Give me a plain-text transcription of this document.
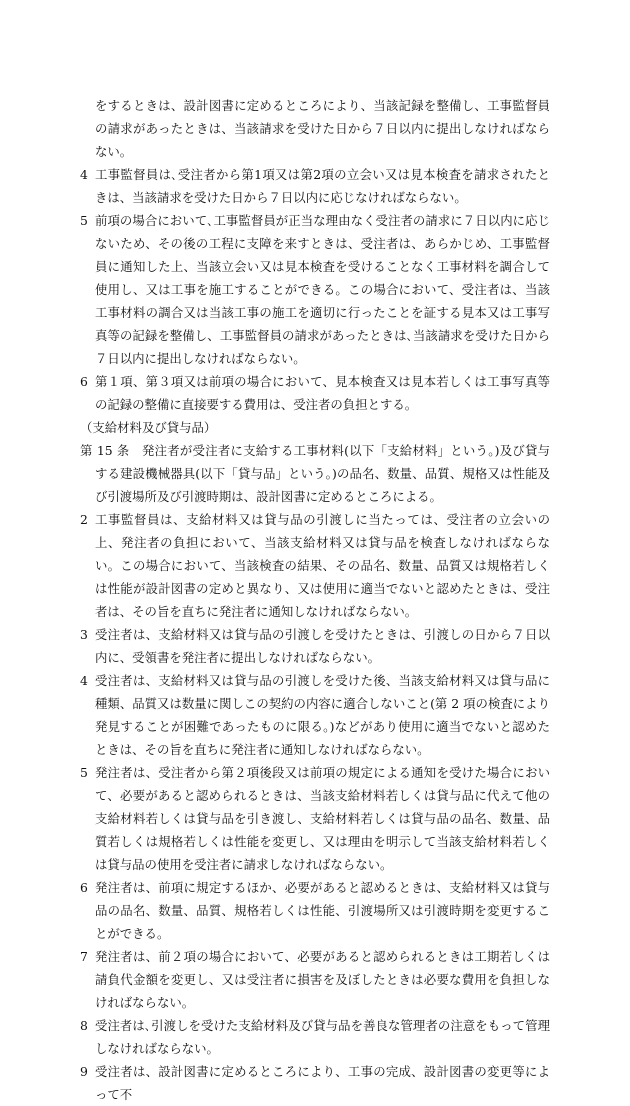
をするときは、設計図書に定めるところにより、当該記録を整備し、工事監督員の請求があったときは、当該請求を受けた日から７日以内に提出しなければならない。
4 工事監督員は､受注者から第1項又は第2項の立会い又は見本検査を請求されたときは、当該請求を受けた日から７日以内に応じなければならない。
5 前項の場合において､工事監督員が正当な理由なく受注者の請求に７日以内に応じないため、その後の工程に支障を来すときは、受注者は、あらかじめ、工事監督員に通知した上、当該立会い又は見本検査を受けることなく工事材料を調合して使用し、又は工事を施工することができる。この場合において、受注者は、当該工事材料の調合又は当該工事の施工を適切に行ったことを証する見本又は工事写真等の記録を整備し、工事監督員の請求があったときは､当該請求を受けた日から７日以内に提出しなければならない。
6 第１項、第３項又は前項の場合において、見本検査又は見本若しくは工事写真等の記録の整備に直接要する費用は、受注者の負担とする。
（支給材料及び貸与品）
第 15 条　発注者が受注者に支給する工事材料(以下「支給材料」という。)及び貸与する建設機械器具(以下「貸与品」という。)の品名、数量、品質、規格又は性能及び引渡場所及び引渡時期は、設計図書に定めるところによる。
2 工事監督員は、支給材料又は貸与品の引渡しに当たっては、受注者の立会いの上、発注者の負担において、当該支給材料又は貸与品を検査しなければならない。この場合において、当該検査の結果、その品名、数量、品質又は規格若しくは性能が設計図書の定めと異なり、又は使用に適当でないと認めたときは、受注者は、その旨を直ちに発注者に通知しなければならない。
3 受注者は、支給材料又は貸与品の引渡しを受けたときは、引渡しの日から７日以内に、受領書を発注者に提出しなければならない。
4 受注者は、支給材料又は貸与品の引渡しを受けた後、当該支給材料又は貸与品に種類、品質又は数量に関しこの契約の内容に適合しないこと(第 2 項の検査により発見することが困難であったものに限る。)などがあり使用に適当でないと認めたときは、その旨を直ちに発注者に通知しなければならない。
5 発注者は、受注者から第２項後段又は前項の規定による通知を受けた場合において、必要があると認められるときは、当該支給材料若しくは貸与品に代えて他の支給材料若しくは貸与品を引き渡し、支給材料若しくは貸与品の品名、数量、品質若しくは規格若しくは性能を変更し、又は理由を明示して当該支給材料若しくは貸与品の使用を受注者に請求しなければならない。
6 発注者は、前項に規定するほか、必要があると認めるときは、支給材料又は貸与品の品名、数量、品質、規格若しくは性能、引渡場所又は引渡時期を変更することができる。
7 発注者は、前２項の場合において、必要があると認められるときは工期若しくは請負代金額を変更し、又は受注者に損害を及ぼしたときは必要な費用を負担しなければならない。
8 受注者は､引渡しを受けた支給材料及び貸与品を善良な管理者の注意をもって管理しなければならない。
9 受注者は、設計図書に定めるところにより、工事の完成、設計図書の変更等によって不
